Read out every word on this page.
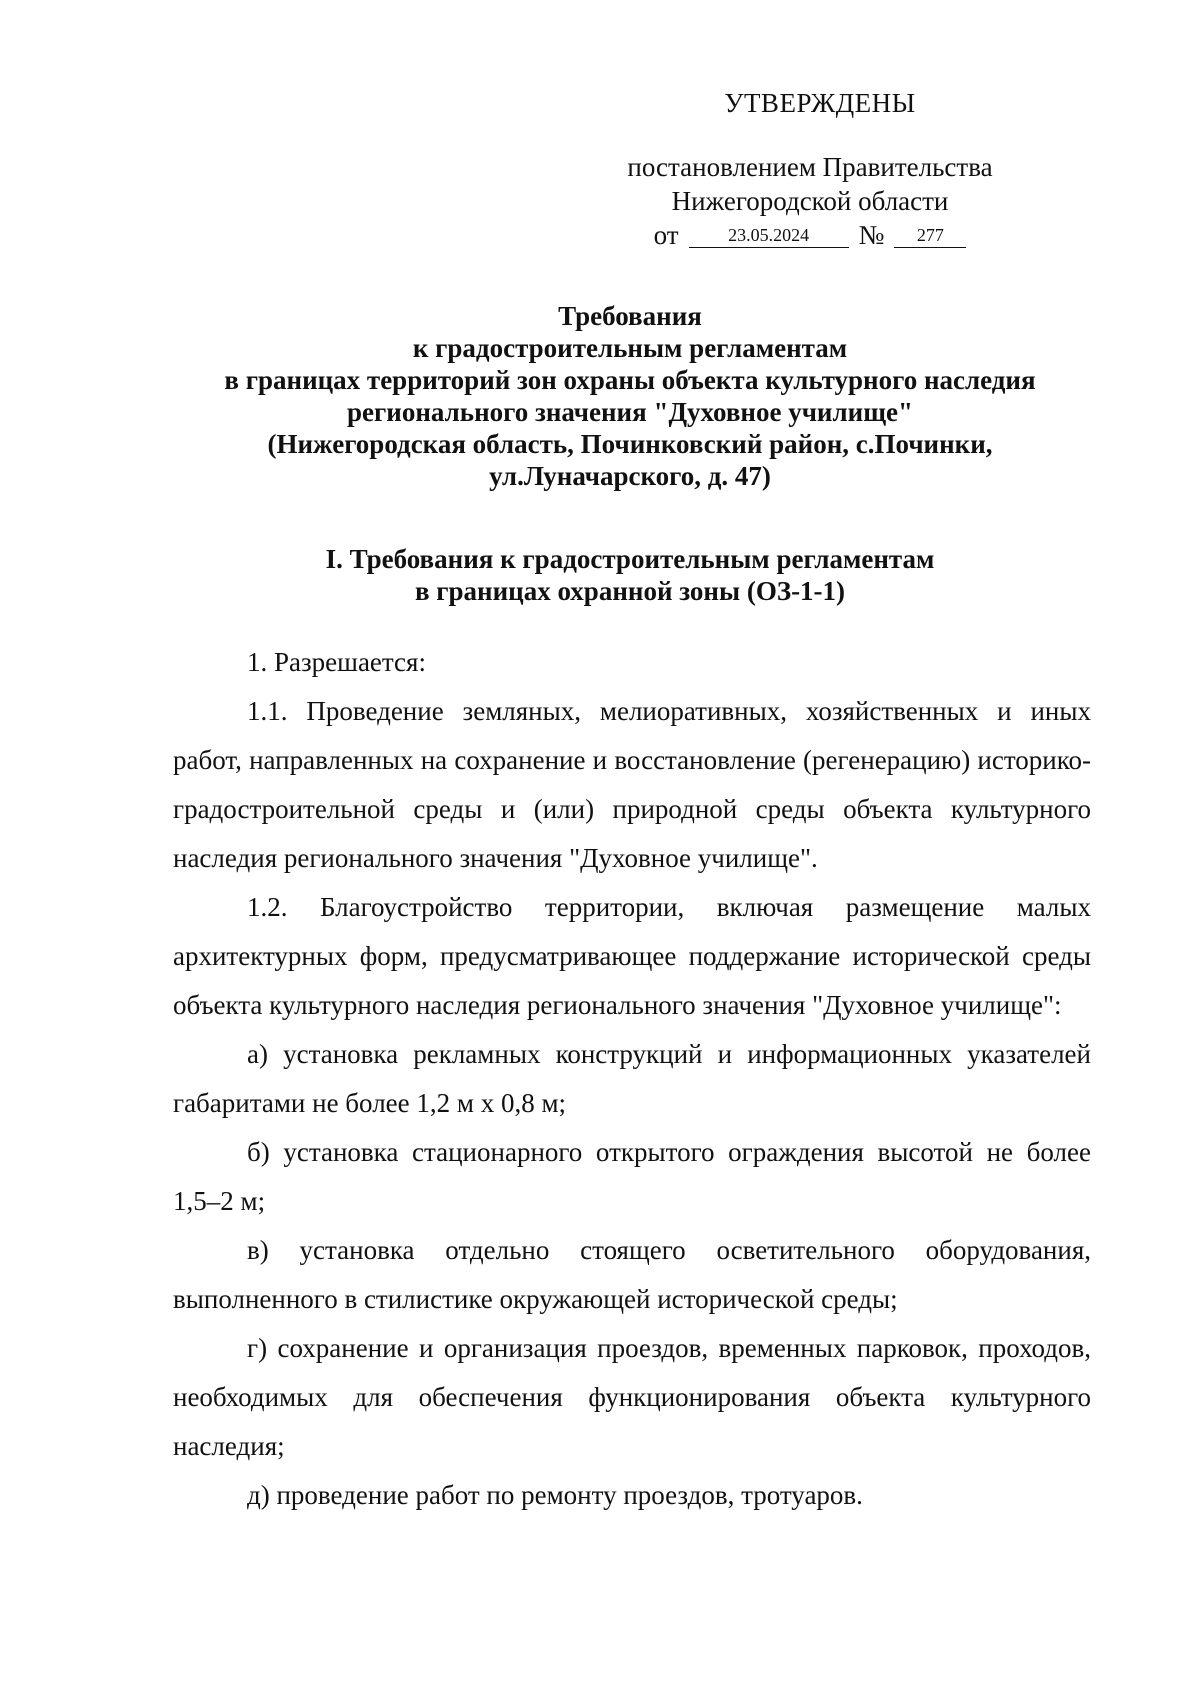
УТВЕРЖДЕНЫ
постановлением Правительства
Нижегородской области
от	23.05.2024	№	277
Требования
к градостроительным регламентам
в границах территорий зон охраны объекта культурного наследия
регионального значения "Духовное училище"
(Нижегородская область, Починковский район, с.Починки,
ул.Луначарского, д. 47)
I. Требования к градостроительным регламентам
в границах охранной зоны (ОЗ-1-1)

1. Разрешается:

1.1. Проведение земляных, мелиоративных, хозяйственных и иных работ, направленных на сохранение и восстановление (регенерацию) историко-градостроительной среды и (или) природной среды объекта культурного наследия регионального значения "Духовное училище".

1.2. Благоустройство территории, включая размещение малых архитектурных форм, предусматривающее поддержание исторической среды объекта культурного наследия регионального значения "Духовное училище":

а) установка рекламных конструкций и информационных указателей габаритами не более 1,2 м х 0,8 м;

б) установка стационарного открытого ограждения высотой не более 1,5–2 м;

в) установка отдельно стоящего осветительного оборудования, выполненного в стилистике окружающей исторической среды;

г) сохранение и организация проездов, временных парковок, проходов, необходимых для обеспечения функционирования объекта культурного наследия;

д) проведение работ по ремонту проездов, тротуаров.
